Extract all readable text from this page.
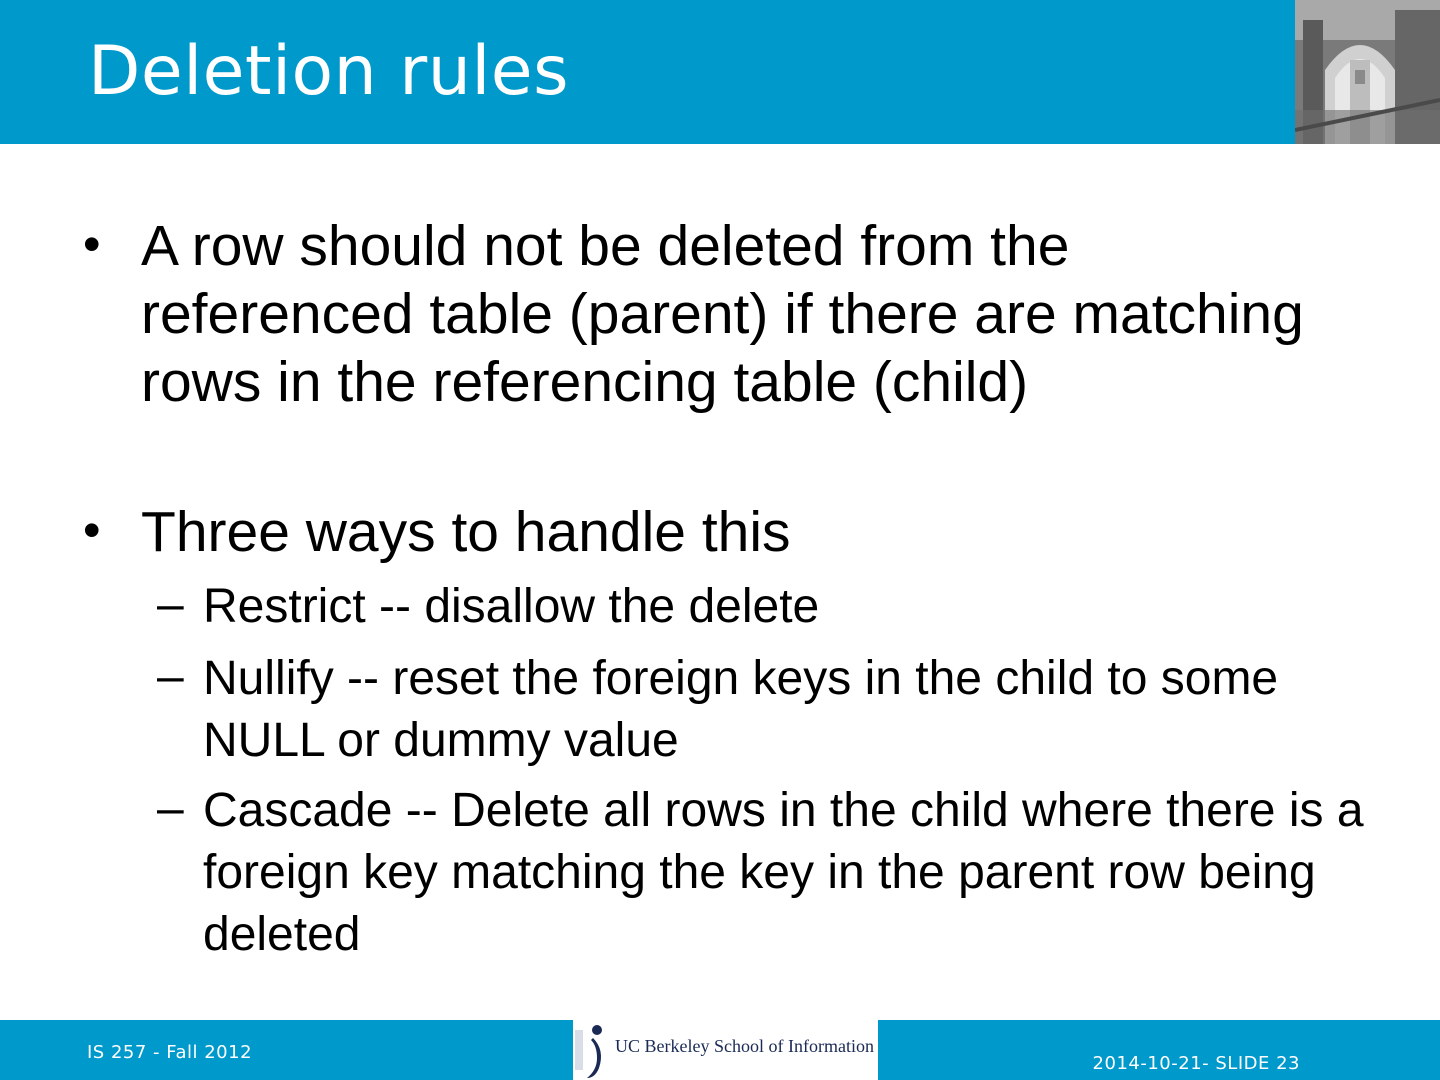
Deletion rules
• A row should not be deleted from the referenced table (parent) if there are matching rows in the referencing table (child)
• Three ways to handle this
– Restrict -- disallow the delete
– Nullify -- reset the foreign keys in the child to some NULL or dummy value
– Cascade -- Delete all rows in the child where there is a foreign key matching the key in the parent row being deleted
IS 257 - Fall 2012	UC Berkeley School of Information
2014-10-21- SLIDE 23
